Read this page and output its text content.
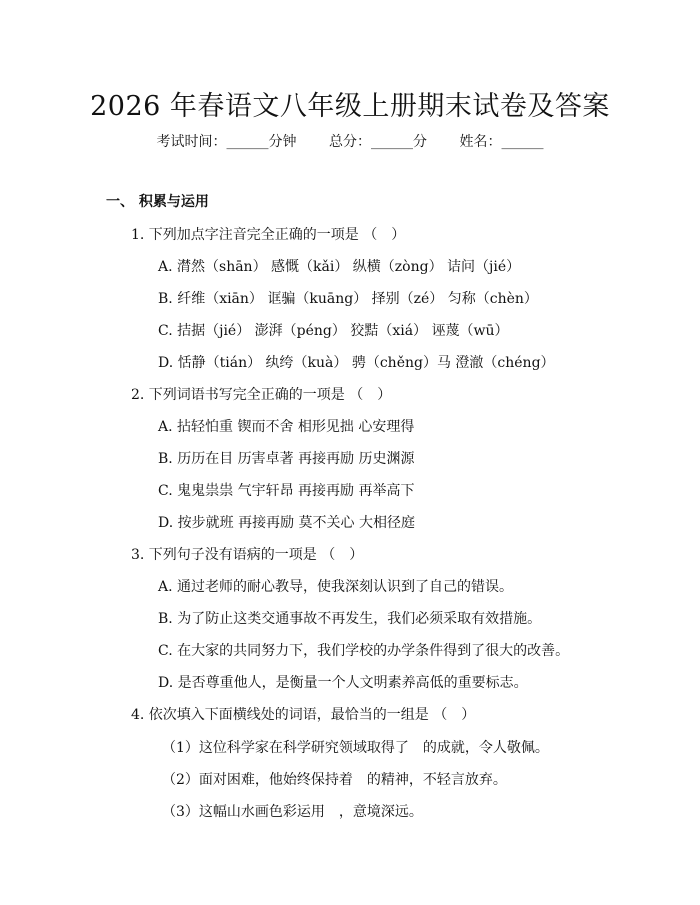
2026 年春语文八年级上册期末试卷及答案
考试时间：______分钟 总分：______分 姓名：______
一、 积累与运用
1. 下列加点字注音完全正确的一项是 （　）
A. 潸然（shān） 感慨（kǎi） 纵横（zòng） 诘问（jié）
B. 纤维（xiān） 诓骗（kuāng） 择别（zé） 匀称（chèn）
C. 拮据（jié） 澎湃（péng） 狡黠（xiá） 诬蔑（wū）
D. 恬静（tián） 纨绔（kuà） 骋（chěng）马 澄澈（chéng）
2. 下列词语书写完全正确的一项是 （　）
A. 拈轻怕重 锲而不舍 相形见拙 心安理得
B. 历历在目 历害卓著 再接再励 历史渊源
C. 鬼鬼祟祟 气宇轩昂 再接再励 再举高下
D. 按步就班 再接再励 莫不关心 大相径庭
3. 下列句子没有语病的一项是 （　）
A. 通过老师的耐心教导，使我深刻认识到了自己的错误。
B. 为了防止这类交通事故不再发生，我们必须采取有效措施。
C. 在大家的共同努力下，我们学校的办学条件得到了很大的改善。
D. 是否尊重他人，是衡量一个人文明素养高低的重要标志。
4. 依次填入下面横线处的词语，最恰当的一组是 （　）
（1）这位科学家在科学研究领域取得了　的成就，令人敬佩。
（2）面对困难，他始终保持着　的精神，不轻言放弃。
（3）这幅山水画色彩运用　，意境深远。
